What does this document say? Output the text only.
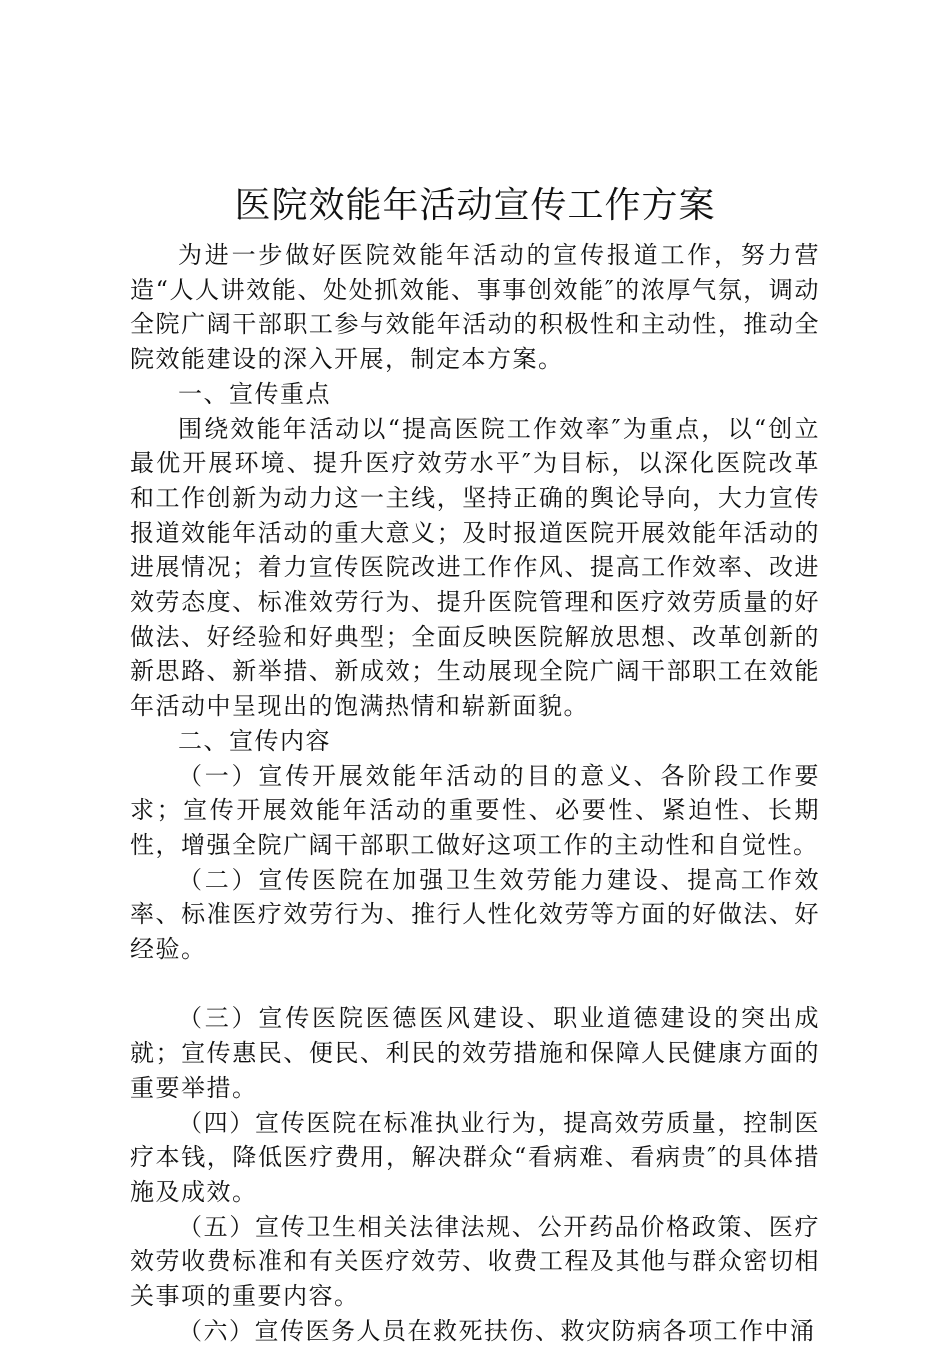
医院效能年活动宣传工作方案

为进一步做好医院效能年活动的宣传报道工作，努力营造“人人讲效能、处处抓效能、事事创效能″的浓厚气氛，调动全院广阔干部职工参与效能年活动的积极性和主动性，推动全院效能建设的深入开展，制定本方案。

一、宣传重点

围绕效能年活动以“提高医院工作效率″为重点，以“创立最优开展环境、提升医疗效劳水平″为目标，以深化医院改革和工作创新为动力这一主线，坚持正确的舆论导向，大力宣传报道效能年活动的重大意义；及时报道医院开展效能年活动的进展情况；着力宣传医院改进工作作风、提高工作效率、改进效劳态度、标准效劳行为、提升医院管理和医疗效劳质量的好做法、好经验和好典型；全面反映医院解放思想、改革创新的新思路、新举措、新成效；生动展现全院广阔干部职工在效能年活动中呈现出的饱满热情和崭新面貌。

二、宣传内容

（一）宣传开展效能年活动的目的意义、各阶段工作要求；宣传开展效能年活动的重要性、必要性、紧迫性、长期性，增强全院广阔干部职工做好这项工作的主动性和自觉性。

（二）宣传医院在加强卫生效劳能力建设、提高工作效率、标准医疗效劳行为、推行人性化效劳等方面的好做法、好经验。

（三）宣传医院医德医风建设、职业道德建设的突出成就；宣传惠民、便民、利民的效劳措施和保障人民健康方面的重要举措。

（四）宣传医院在标准执业行为，提高效劳质量，控制医疗本钱，降低医疗费用，解决群众“看病难、看病贵″的具体措施及成效。

（五）宣传卫生相关法律法规、公开药品价格政策、医疗效劳收费标准和有关医疗效劳、收费工程及其他与群众密切相关事项的重要内容。

（六）宣传医务人员在救死扶伤、救灾防病各项工作中涌
